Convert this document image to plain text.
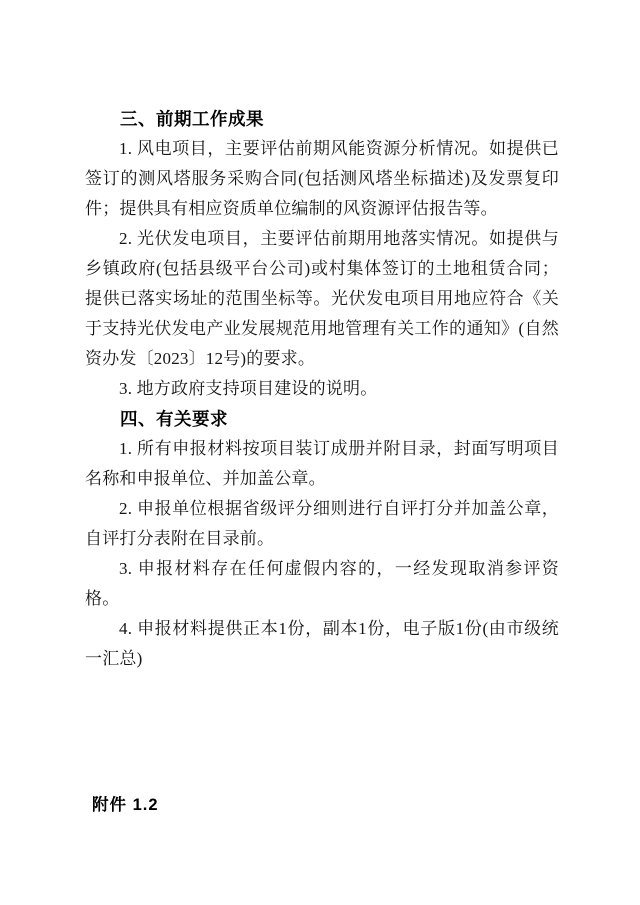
三、前期工作成果

1. 风电项目，主要评估前期风能资源分析情况。如提供已签订的测风塔服务采购合同(包括测风塔坐标描述)及发票复印件；提供具有相应资质单位编制的风资源评估报告等。

2. 光伏发电项目，主要评估前期用地落实情况。如提供与乡镇政府(包括县级平台公司)或村集体签订的土地租赁合同；提供已落实场址的范围坐标等。光伏发电项目用地应符合《关于支持光伏发电产业发展规范用地管理有关工作的通知》(自然资办发〔2023〕12号)的要求。

3. 地方政府支持项目建设的说明。

四、有关要求

1. 所有申报材料按项目装订成册并附目录，封面写明项目名称和申报单位、并加盖公章。

2. 申报单位根据省级评分细则进行自评打分并加盖公章，自评打分表附在目录前。

3. 申报材料存在任何虚假内容的，一经发现取消参评资格。

4. 申报材料提供正本1份，副本1份，电子版1份(由市级统一汇总)

附件 1.2
